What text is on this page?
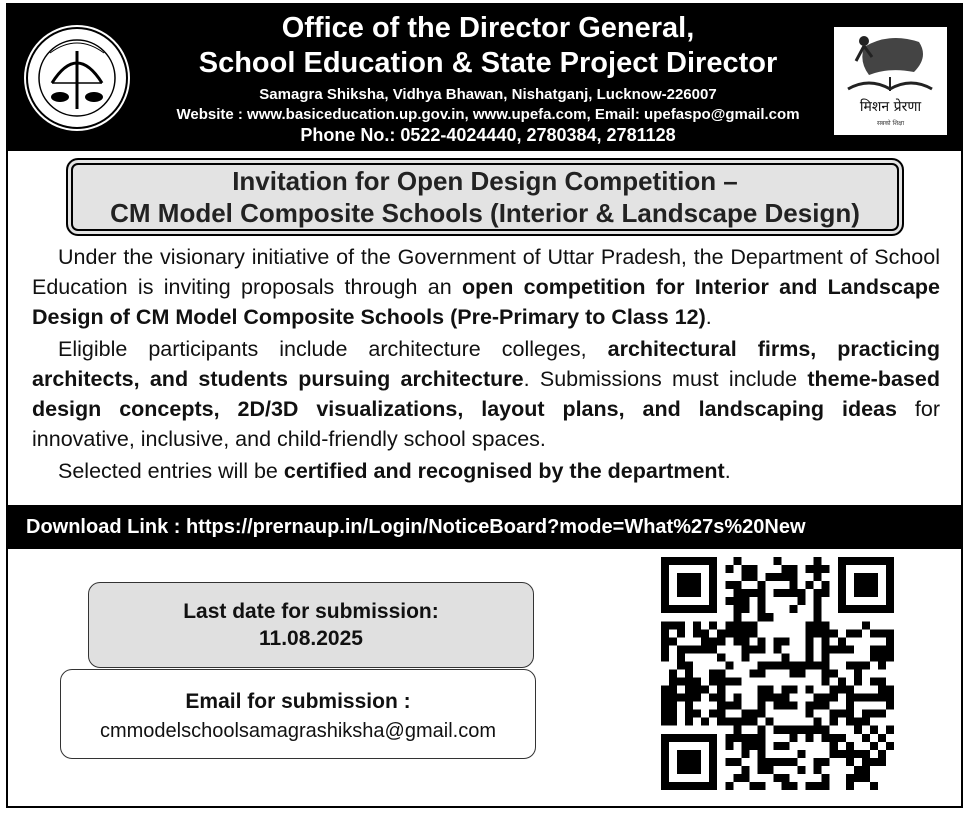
Office of the Director General,
School Education & State Project Director
Samagra Shiksha, Vidhya Bhawan, Nishatganj, Lucknow-226007
Website : www.basiceducation.up.gov.in, www.upefa.com, Email: upefaspo@gmail.com
Phone No.: 0522-4024440, 2780384, 2781128
मिशन प्रेरणा
सबको शिक्षा
Invitation for Open Design Competition –
CM Model Composite Schools (Interior & Landscape Design)

Under the visionary initiative of the Government of Uttar Pradesh, the Department of School Education is inviting proposals through an open competition for Interior and Landscape Design of CM Model Composite Schools (Pre-Primary to Class 12).

Eligible participants include architecture colleges, architectural firms, practicing architects, and students pursuing architecture. Submissions must include theme-based design concepts, 2D/3D visualizations, layout plans, and landscaping ideas for innovative, inclusive, and child-friendly school spaces.

Selected entries will be certified and recognised by the department.

Download Link : https://prernaup.in/Login/NoticeBoard?mode=What%27s%20New
Last date for submission:
11.08.2025
Email for submission :
cmmodelschoolsamagrashiksha@gmail.com
